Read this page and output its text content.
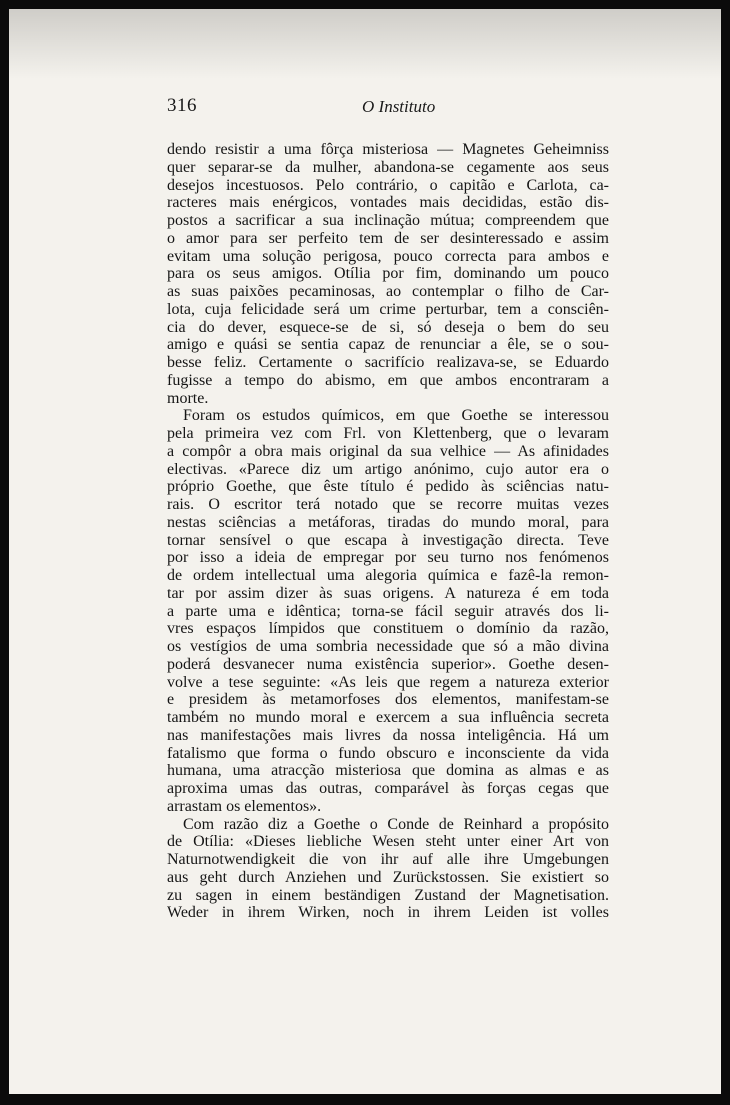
316	O Instituto

dendo resistir a uma fôrça misteriosa — Magnetes Geheimniss

quer separar-se da mulher, abandona-se cegamente aos seus

desejos incestuosos. Pelo contrário, o capitão e Carlota, ca-

racteres mais enérgicos, vontades mais decididas, estão dis-

postos a sacrificar a sua inclinação mútua; compreendem que

o amor para ser perfeito tem de ser desinteressado e assim

evitam uma solução perigosa, pouco correcta para ambos e

para os seus amigos. Otília por fim, dominando um pouco

as suas paixões pecaminosas, ao contemplar o filho de Car-

lota, cuja felicidade será um crime perturbar, tem a consciên-

cia do dever, esquece-se de si, só deseja o bem do seu

amigo e quási se sentia capaz de renunciar a êle, se o sou-

besse feliz. Certamente o sacrifício realizava-se, se Eduardo

fugisse a tempo do abismo, em que ambos encontraram a

morte.

Foram os estudos químicos, em que Goethe se interessou

pela primeira vez com Frl. von Klettenberg, que o levaram

a compôr a obra mais original da sua velhice — As afinidades

electivas. «Parece diz um artigo anónimo, cujo autor era o

próprio Goethe, que êste título é pedido às sciências natu-

rais. O escritor terá notado que se recorre muitas vezes

nestas sciências a metáforas, tiradas do mundo moral, para

tornar sensível o que escapa à investigação directa. Teve

por isso a ideia de empregar por seu turno nos fenómenos

de ordem intellectual uma alegoria química e fazê-la remon-

tar por assim dizer às suas origens. A natureza é em toda

a parte uma e idêntica; torna-se fácil seguir através dos li-

vres espaços límpidos que constituem o domínio da razão,

os vestígios de uma sombria necessidade que só a mão divina

poderá desvanecer numa existência superior». Goethe desen-

volve a tese seguinte: «As leis que regem a natureza exterior

e presidem às metamorfoses dos elementos, manifestam-se

também no mundo moral e exercem a sua influência secreta

nas manifestações mais livres da nossa inteligência. Há um

fatalismo que forma o fundo obscuro e inconsciente da vida

humana, uma atracção misteriosa que domina as almas e as

aproxima umas das outras, comparável às forças cegas que

arrastam os elementos».

Com razão diz a Goethe o Conde de Reinhard a propósito

de Otília: «Dieses liebliche Wesen steht unter einer Art von

Naturnotwendigkeit die von ihr auf alle ihre Umgebungen

aus geht durch Anziehen und Zurückstossen. Sie existiert so

zu sagen in einem beständigen Zustand der Magnetisation.

Weder in ihrem Wirken, noch in ihrem Leiden ist volles
